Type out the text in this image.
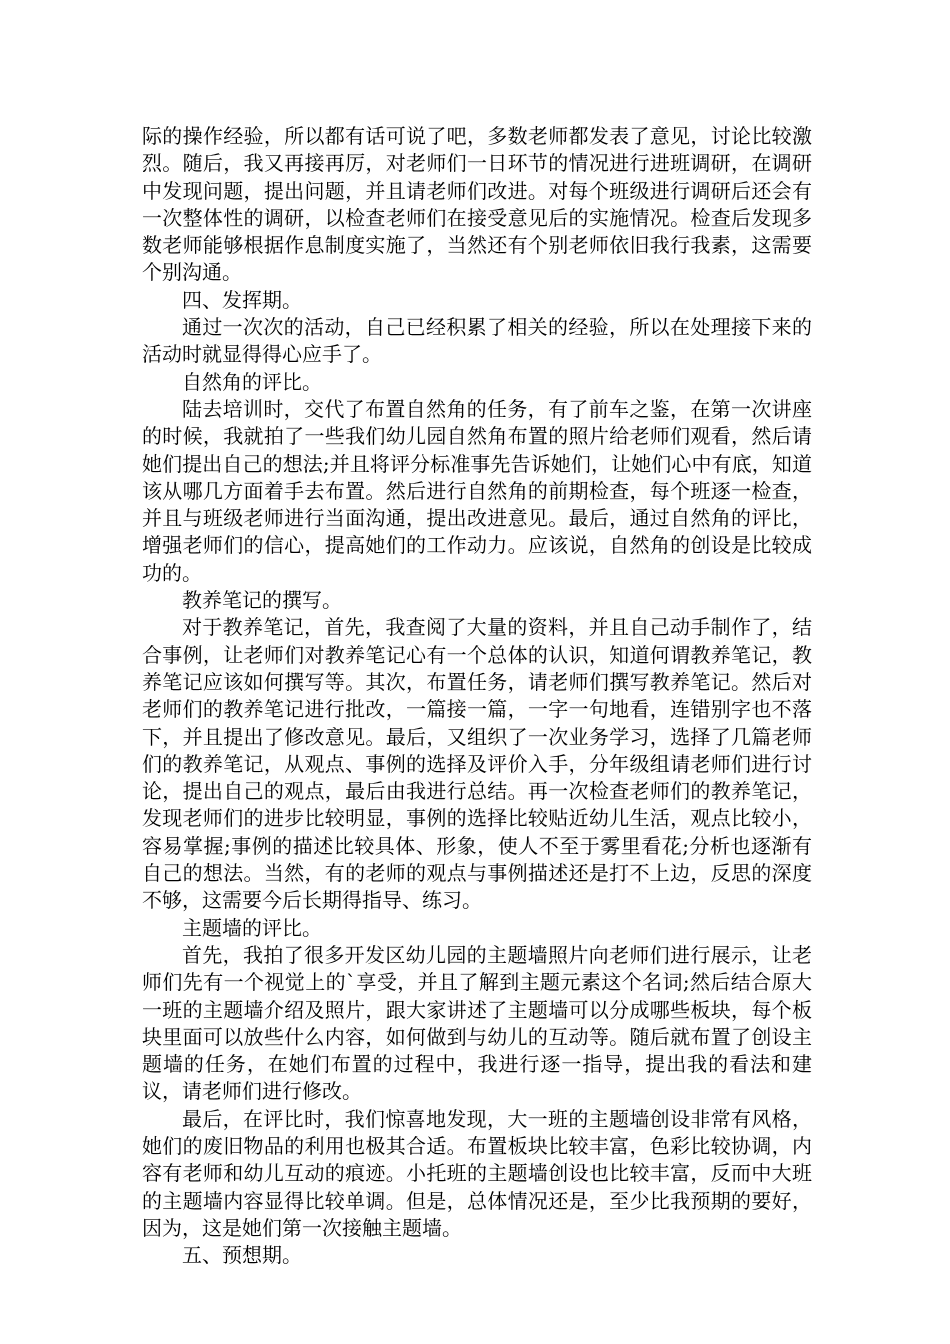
际的操作经验，所以都有话可说了吧，多数老师都发表了意见，讨论比较激烈。随后，我又再接再厉，对老师们一日环节的情况进行进班调研，在调研中发现问题，提出问题，并且请老师们改进。对每个班级进行调研后还会有一次整体性的调研，以检查老师们在接受意见后的实施情况。检查后发现多数老师能够根据作息制度实施了，当然还有个别老师依旧我行我素，这需要个别沟通。

四、发挥期。

通过一次次的活动，自己已经积累了相关的经验，所以在处理接下来的活动时就显得得心应手了。

自然角的评比。

陆去培训时，交代了布置自然角的任务，有了前车之鉴，在第一次讲座的时候，我就拍了一些我们幼儿园自然角布置的照片给老师们观看，然后请她们提出自己的想法;并且将评分标准事先告诉她们，让她们心中有底，知道该从哪几方面着手去布置。然后进行自然角的前期检查，每个班逐一检查，并且与班级老师进行当面沟通，提出改进意见。最后，通过自然角的评比，增强老师们的信心，提高她们的工作动力。应该说，自然角的创设是比较成功的。

教养笔记的撰写。

对于教养笔记，首先，我查阅了大量的资料，并且自己动手制作了，结合事例，让老师们对教养笔记心有一个总体的认识，知道何谓教养笔记，教养笔记应该如何撰写等。其次，布置任务，请老师们撰写教养笔记。然后对老师们的教养笔记进行批改，一篇接一篇，一字一句地看，连错别字也不落下，并且提出了修改意见。最后，又组织了一次业务学习，选择了几篇老师们的教养笔记，从观点、事例的选择及评价入手，分年级组请老师们进行讨论，提出自己的观点，最后由我进行总结。再一次检查老师们的教养笔记，发现老师们的进步比较明显，事例的选择比较贴近幼儿生活，观点比较小，容易掌握;事例的描述比较具体、形象，使人不至于雾里看花;分析也逐渐有自己的想法。当然，有的老师的观点与事例描述还是打不上边，反思的深度不够，这需要今后长期得指导、练习。

主题墙的评比。

首先，我拍了很多开发区幼儿园的主题墙照片向老师们进行展示，让老师们先有一个视觉上的`享受，并且了解到主题元素这个名词;然后结合原大一班的主题墙介绍及照片，跟大家讲述了主题墙可以分成哪些板块，每个板块里面可以放些什么内容，如何做到与幼儿的互动等。随后就布置了创设主题墙的任务，在她们布置的过程中，我进行逐一指导，提出我的看法和建议，请老师们进行修改。

最后，在评比时，我们惊喜地发现，大一班的主题墙创设非常有风格，她们的废旧物品的利用也极其合适。布置板块比较丰富，色彩比较协调，内容有老师和幼儿互动的痕迹。小托班的主题墙创设也比较丰富，反而中大班的主题墙内容显得比较单调。但是，总体情况还是，至少比我预期的要好，因为，这是她们第一次接触主题墙。

五、预想期。
